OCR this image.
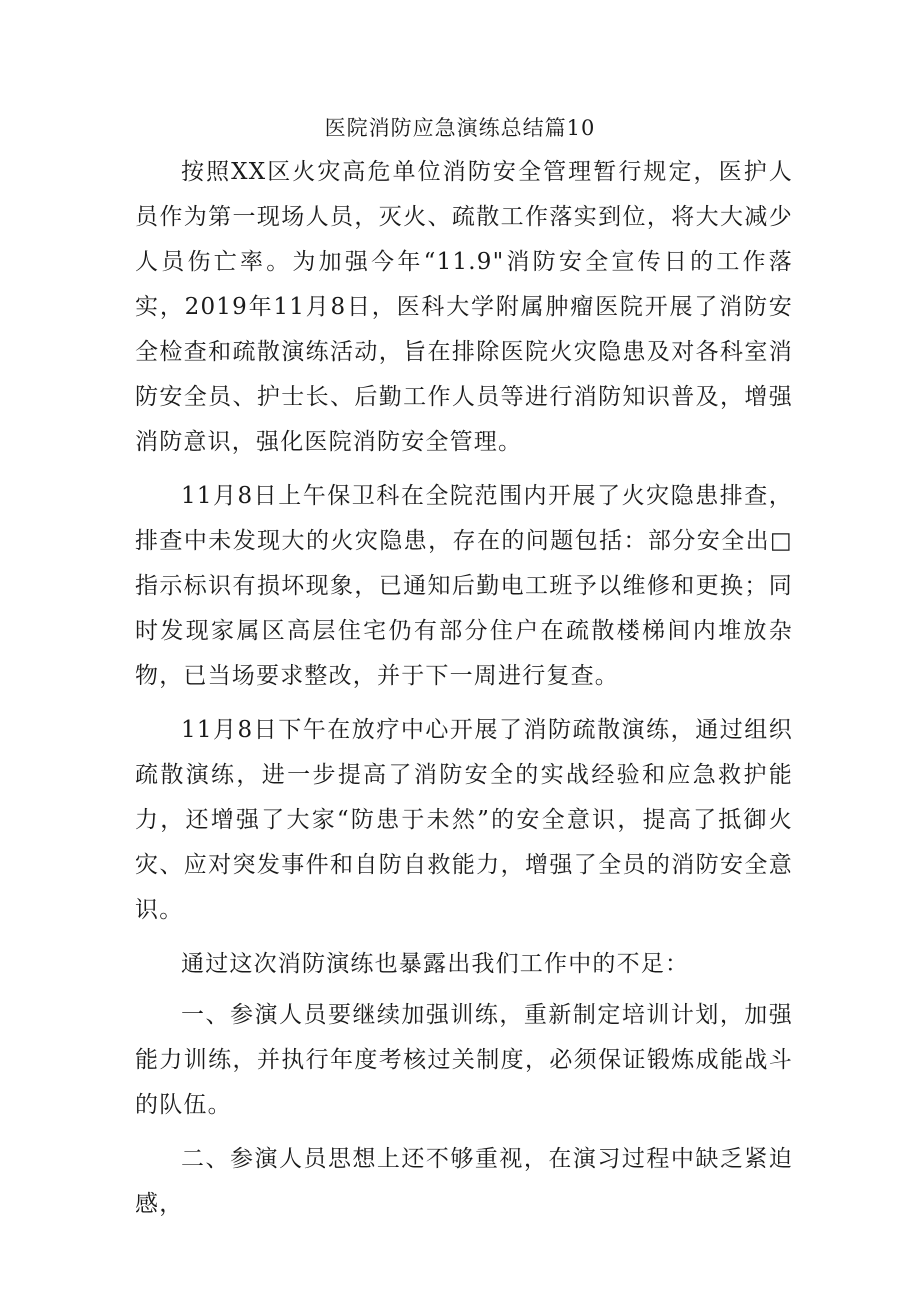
医院消防应急演练总结篇10

按照XX区火灾高危单位消防安全管理暂行规定，医护人员作为第一现场人员，灭火、疏散工作落实到位，将大大减少人员伤亡率。为加强今年“11.9"消防安全宣传日的工作落实，2019年11月8日，医科大学附属肿瘤医院开展了消防安全检查和疏散演练活动，旨在排除医院火灾隐患及对各科室消防安全员、护士长、后勤工作人员等进行消防知识普及，增强消防意识，强化医院消防安全管理。

11月8日上午保卫科在全院范围内开展了火灾隐患排查，排查中未发现大的火灾隐患，存在的问题包括：部分安全出□指示标识有损坏现象，已通知后勤电工班予以维修和更换；同时发现家属区高层住宅仍有部分住户在疏散楼梯间内堆放杂物，已当场要求整改，并于下一周进行复查。

11月8日下午在放疗中心开展了消防疏散演练，通过组织疏散演练，进一步提高了消防安全的实战经验和应急救护能力，还增强了大家“防患于未然”的安全意识，提高了抵御火灾、应对突发事件和自防自救能力，增强了全员的消防安全意识。

通过这次消防演练也暴露出我们工作中的不足：

一、参演人员要继续加强训练，重新制定培训计划，加强能力训练，并执行年度考核过关制度，必须保证锻炼成能战斗的队伍。

二、参演人员思想上还不够重视，在演习过程中缺乏紧迫感，
